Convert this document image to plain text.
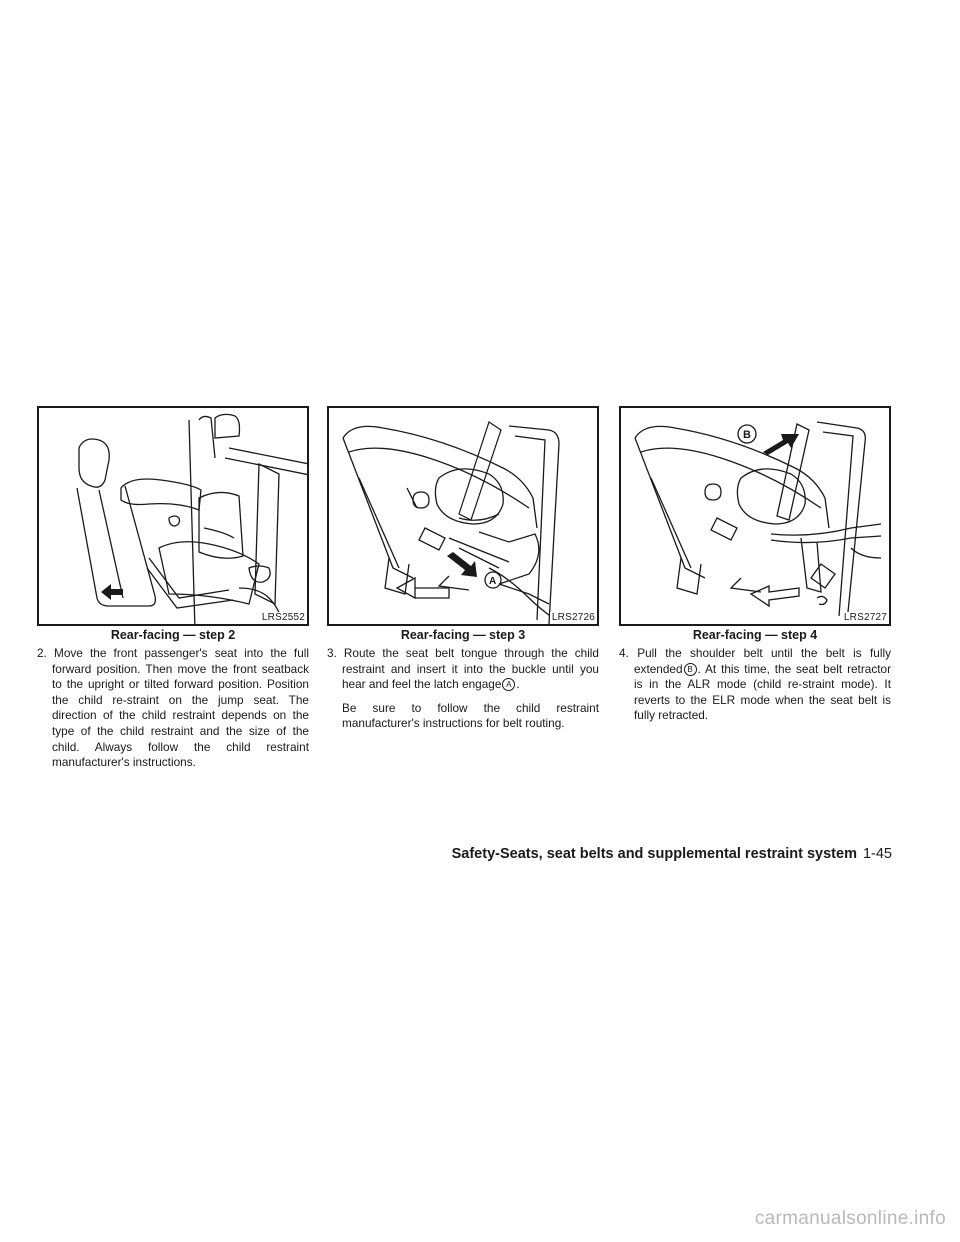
LRS2552
Rear-facing — step 2
2. Move the front passenger's seat into the full forward position. Then move the front seatback to the upright or tilted forward position. Position the child re-straint on the jump seat. The direction of the child restraint depends on the type of the child restraint and the size of the child. Always follow the child restraint manufacturer's instructions.
A
LRS2726
Rear-facing — step 3
3. Route the seat belt tongue through the child restraint and insert it into the buckle until you hear and feel the latch engage A .
Be sure to follow the child restraint manufacturer's instructions for belt routing.
B
LRS2727
Rear-facing — step 4
4. Pull the shoulder belt until the belt is fully extended B . At this time, the seat belt retractor is in the ALR mode (child re-straint mode). It reverts to the ELR mode when the seat belt is fully retracted.
Safety-Seats, seat belts and supplemental restraint system 1-45
carmanualsonline.info
